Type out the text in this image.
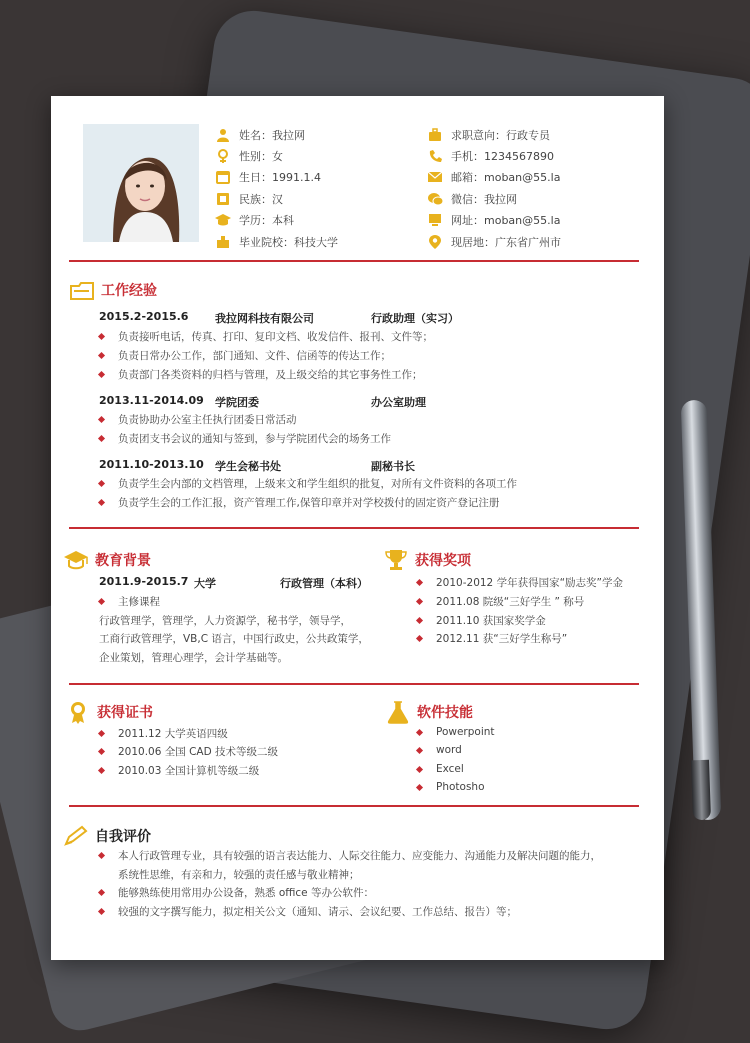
姓名：我拉网
性别：女
生日：1991.1.4
民族：汉
学历：本科
毕业院校：科技大学
求职意向：行政专员
手机：1234567890
邮箱：moban@55.la
微信：我拉网
网址：moban@55.la
现居地：广东省广州市
工作经验
2015.2-2015.6 我拉网科技有限公司	行政助理（实习）
负责接听电话，传真、打印、复印文档、收发信件、报刊、文件等；
负责日常办公工作，部门通知、文件、信函等的传达工作；
负责部门各类资料的归档与管理，及上级交给的其它事务性工作；
2013.11-2014.09 学院团委	办公室助理
负责协助办公室主任执行团委日常活动
负责团支书会议的通知与签到，参与学院团代会的场务工作
2011.10-2013.10 学生会秘书处	副秘书长
负责学生会内部的文档管理，上级来文和学生组织的批复，对所有文件资料的各项工作
负责学生会的工作汇报，资产管理工作,保管印章并对学校拨付的固定资产登记注册
教育背景
2011.9-2015.7 大学	行政管理（本科）
主修课程
行政管理学，管理学，人力资源学，秘书学，领导学，
工商行政管理学，VB,C 语言，中国行政史，公共政策学，
企业策划，管理心理学，会计学基础等。
获得奖项
2010-2012 学年获得国家“励志奖”学金
2011.08 院级“三好学生 ” 称号
2011.10 获国家奖学金
2012.11 获“三好学生称号”
获得证书
2011.12 大学英语四级
2010.06 全国 CAD 技术等级二级
2010.03 全国计算机等级二级
软件技能
Powerpoint
word
Excel
Photosho
自我评价
本人行政管理专业，具有较强的语言表达能力、人际交往能力、应变能力、沟通能力及解决问题的能力，
系统性思维，有亲和力，较强的责任感与敬业精神；
能够熟练使用常用办公设备，熟悉 office 等办公软件：
较强的文字撰写能力，拟定相关公文（通知、请示、会议纪要、工作总结、报告）等；
